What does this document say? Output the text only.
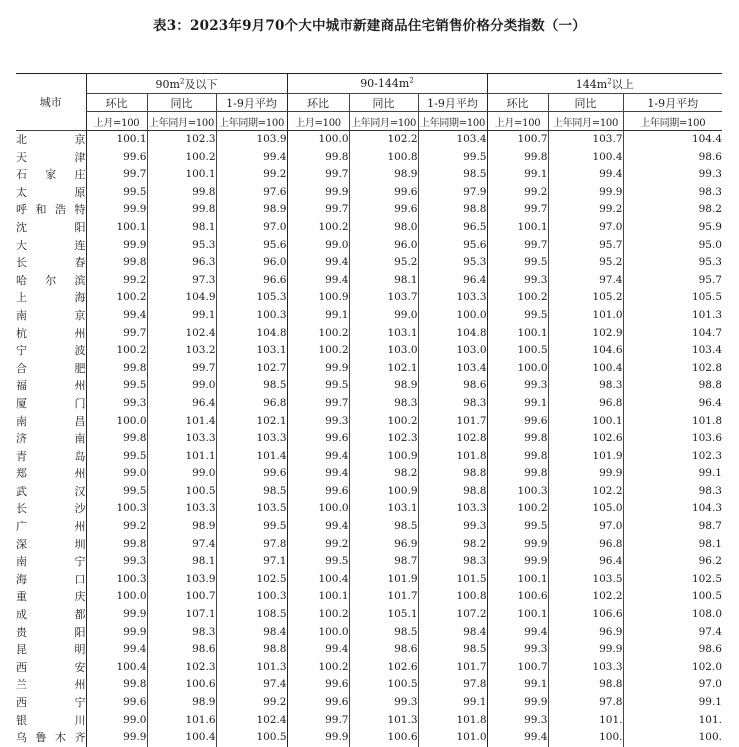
表3：2023年9月70个大中城市新建商品住宅销售价格分类指数（一）
城市	$90m^2$及以下			$90-144m^2$			$144m^2$以上		
	环比	同比	1-9月平均	环比	同比	1-9月平均	环比	同比	1-9月平均
	上月=100	上年同月=100	上年同期=100	上月=100	上年同月=100	上年同期=100	上月=100	上年同月=100	上年同期=100
北京	100.1	102.3	103.9	100.0	102.2	103.4	100.7	103.7	104.4
天津	99.6	100.2	99.4	99.8	100.8	99.5	99.8	100.4	98.6
石家庄	99.7	100.1	99.2	99.7	98.9	98.5	99.1	99.4	99.3
太原	99.5	99.8	97.6	99.9	99.6	97.9	99.2	99.9	98.3
呼和浩特	99.9	99.8	98.9	99.7	99.6	98.8	99.7	99.2	98.2
沈阳	100.1	98.1	97.0	100.2	98.0	96.5	100.1	97.0	95.9
大连	99.9	95.3	95.6	99.0	96.0	95.6	99.7	95.7	95.0
长春	99.8	96.3	96.0	99.4	95.2	95.3	99.5	95.2	95.3
哈尔滨	99.2	97.3	96.6	99.4	98.1	96.4	99.3	97.4	95.7
上海	100.2	104.9	105.3	100.9	103.7	103.3	100.2	105.2	105.5
南京	99.4	99.1	100.3	99.1	99.0	100.0	99.5	101.0	101.3
杭州	99.7	102.4	104.8	100.2	103.1	104.8	100.1	102.9	104.7
宁波	100.2	103.2	103.1	100.2	103.0	103.0	100.5	104.6	103.4
合肥	99.8	99.7	102.7	99.9	102.1	103.4	100.0	100.4	102.8
福州	99.5	99.0	98.5	99.5	98.9	98.6	99.3	98.3	98.8
厦门	99.3	96.4	96.8	99.7	98.3	98.3	99.1	96.8	96.4
南昌	100.0	101.4	102.1	99.3	100.2	101.7	99.6	100.1	101.8
济南	99.8	103.3	103.3	99.6	102.3	102.8	99.8	102.6	103.6
青岛	99.5	101.1	101.4	99.4	100.9	101.8	99.8	101.9	102.3
郑州	99.0	99.0	99.6	99.4	98.2	98.8	99.8	99.9	99.1
武汉	99.5	100.5	98.5	99.6	100.9	98.8	100.3	102.2	98.3
长沙	100.3	103.3	103.5	100.0	103.1	103.3	100.2	105.0	104.3
广州	99.2	98.9	99.5	99.4	98.5	99.3	99.5	97.0	98.7
深圳	99.8	97.4	97.8	99.2	96.9	98.2	99.9	96.8	98.1
南宁	99.3	98.1	97.1	99.5	98.7	98.3	99.9	96.4	96.2
海口	100.3	103.9	102.5	100.4	101.9	101.5	100.1	103.5	102.5
重庆	100.0	100.7	100.3	100.1	101.7	100.8	100.6	102.2	100.5
成都	99.9	107.1	108.5	100.2	105.1	107.2	100.1	106.6	108.0
贵阳	99.9	98.3	98.4	100.0	98.5	98.4	99.4	96.9	97.4
昆明	99.4	98.6	98.8	99.4	98.6	98.5	99.3	99.9	98.6
西安	100.4	102.3	101.3	100.2	102.6	101.7	100.7	103.3	102.0
兰州	99.8	100.6	97.4	99.6	100.5	97.8	99.1	98.8	97.0
西宁	99.6	98.9	99.2	99.6	99.3	99.1	99.9	97.8	99.1
银川	99.0	101.6	102.4	99.7	101.3	101.8	99.3	101.	101.
乌鲁木齐	99.9	100.4	100.5	99.9	100.6	101.0	99.4	100.	100.
